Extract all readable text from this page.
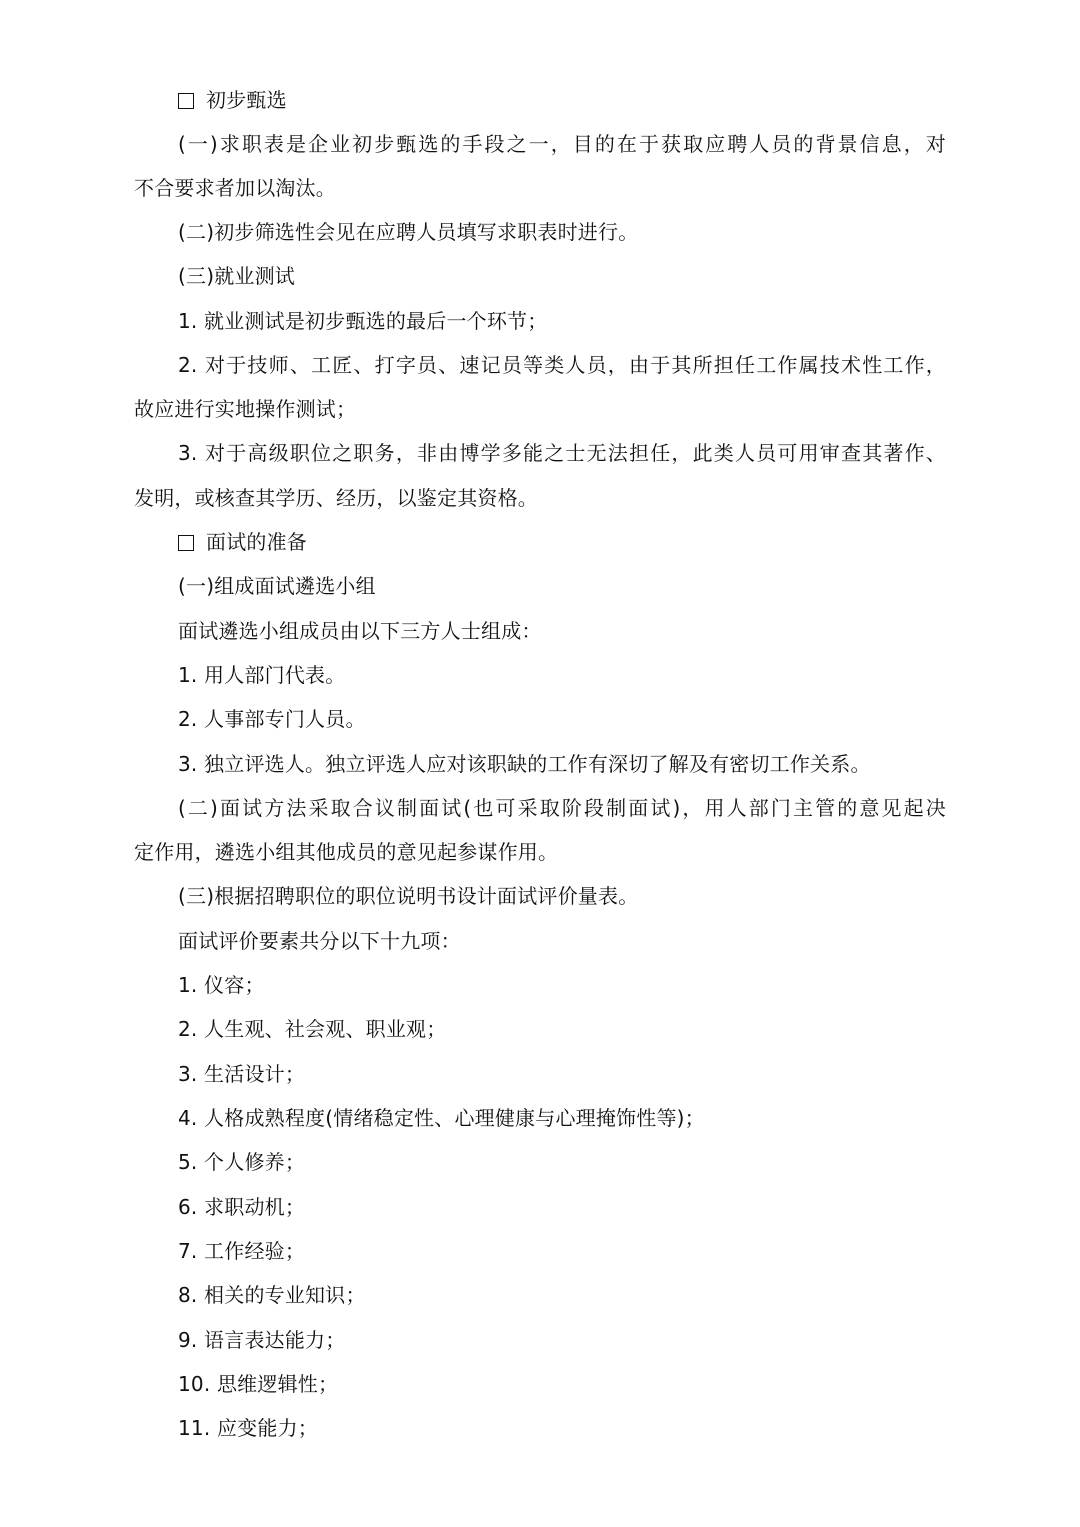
初步甄选
(一)求职表是企业初步甄选的手段之一，目的在于获取应聘人员的背景信息，对
不合要求者加以淘汰。
(二)初步筛选性会见在应聘人员填写求职表时进行。
(三)就业测试
1. 就业测试是初步甄选的最后一个环节；
2. 对于技师、工匠、打字员、速记员等类人员，由于其所担任工作属技术性工作，
故应进行实地操作测试；
3. 对于高级职位之职务，非由博学多能之士无法担任，此类人员可用审查其著作、
发明，或核查其学历、经历，以鉴定其资格。
面试的准备
(一)组成面试遴选小组
面试遴选小组成员由以下三方人士组成：
1. 用人部门代表。
2. 人事部专门人员。
3. 独立评选人。独立评选人应对该职缺的工作有深切了解及有密切工作关系。
(二)面试方法采取合议制面试(也可采取阶段制面试)，用人部门主管的意见起决
定作用，遴选小组其他成员的意见起参谋作用。
(三)根据招聘职位的职位说明书设计面试评价量表。
面试评价要素共分以下十九项：
1. 仪容；
2. 人生观、社会观、职业观；
3. 生活设计；
4. 人格成熟程度(情绪稳定性、心理健康与心理掩饰性等)；
5. 个人修养；
6. 求职动机；
7. 工作经验；
8. 相关的专业知识；
9. 语言表达能力；
10. 思维逻辑性；
11. 应变能力；
